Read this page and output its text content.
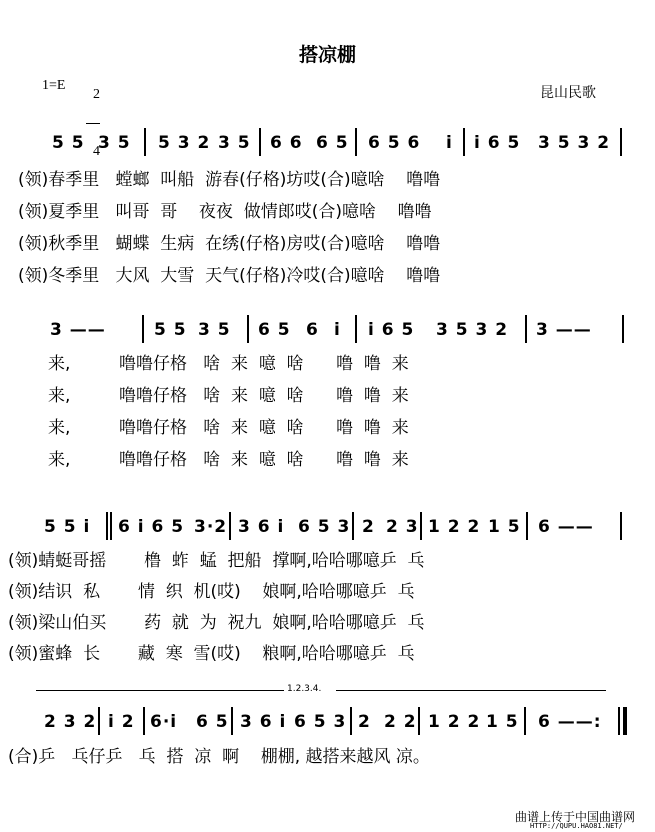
搭凉棚
1=E

2

4

昆山民歌
5 5 3 5 5 3 2 3 5 6 6 6 5 6 5 6 i i 6 5 3 5 3 2
(领)春季里   螳螂  叫船  游春(仔格)坊哎(合)噫啥    噜噜
(领)夏季里   叫哥  哥    夜夜  做情郎哎(合)噫啥    噜噜
(领)秋季里   蝴蝶  生病  在绣(仔格)房哎(合)噫啥    噜噜
(领)冬季里   大风  大雪  天气(仔格)冷哎(合)噫啥    噜噜
3 ——	5 5 3 5 6 5 6 i i 6 5 3 5 3 2 3 ——
来,         噜噜仔格   啥  来  噫  啥      噜  噜  来
来,         噜噜仔格   啥  来  噫  啥      噜  噜  来
来,         噜噜仔格   啥  来  噫  啥      噜  噜  来
来,         噜噜仔格   啥  来  噫  啥      噜  噜  来
5 5 i 6 i 6 5 3·2 3 6 i 6 5 3 2 2 3 1 2 2 1 5 6 ——
(领)蜻蜓哥摇       橹  蚱  蜢  把船  撑啊,哈哈哪噫乒  乓
(领)结识  私       情  织  机(哎)    娘啊,哈哈哪噫乒  乓
(领)梁山伯买       药  就  为  祝九  娘啊,哈哈哪噫乒  乓
(领)蜜蜂  长       藏  寒  雪(哎)    粮啊,哈哈哪噫乒  乓
1.2.3.4.
2 3 2 i 2 6·i 6 5 3 6 i 6 5 3 2 2 2 1 2 2 1 5 6 ——:
(合)乒   乓仔乒   乓  搭  凉  啊    棚棚, 越搭来越风 凉。
曲谱上传于中国曲谱网
HTTP://QUPU.HAO81.NET/
